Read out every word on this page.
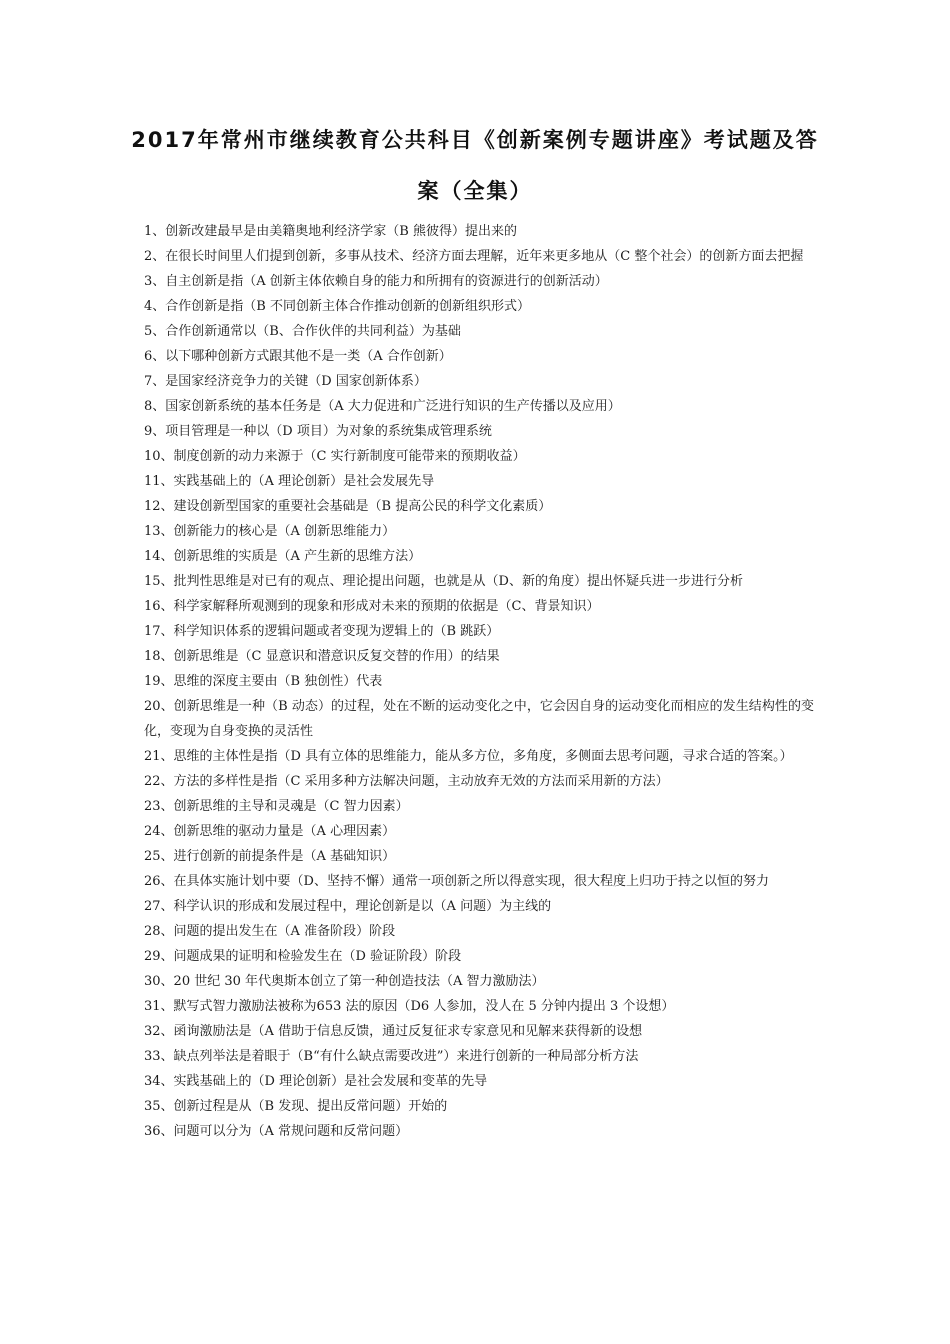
2017年常州市继续教育公共科目《创新案例专题讲座》考试题及答
案（全集）
1、创新改建最早是由美籍奥地利经济学家（B 熊彼得）提出来的
2、在很长时间里人们提到创新，多事从技术、经济方面去理解，近年来更多地从（C 整个社会）的创新方面去把握
3、自主创新是指（A 创新主体依赖自身的能力和所拥有的资源进行的创新活动）
4、合作创新是指（B 不同创新主体合作推动创新的创新组织形式）
5、合作创新通常以（B、合作伙伴的共同利益）为基础
6、以下哪种创新方式跟其他不是一类（A 合作创新）
7、是国家经济竞争力的关键（D 国家创新体系）
8、国家创新系统的基本任务是（A 大力促进和广泛进行知识的生产传播以及应用）
9、项目管理是一种以（D 项目）为对象的系统集成管理系统
10、制度创新的动力来源于（C 实行新制度可能带来的预期收益）
11、实践基础上的（A 理论创新）是社会发展先导
12、建设创新型国家的重要社会基础是（B 提高公民的科学文化素质）
13、创新能力的核心是（A 创新思维能力）
14、创新思维的实质是（A 产生新的思维方法）
15、批判性思维是对已有的观点、理论提出问题，也就是从（D、新的角度）提出怀疑兵进一步进行分析
16、科学家解释所观测到的现象和形成对未来的预期的依据是（C、背景知识）
17、科学知识体系的逻辑问题或者变现为逻辑上的（B 跳跃）
18、创新思维是（C 显意识和潜意识反复交替的作用）的结果
19、思维的深度主要由（B 独创性）代表
20、创新思维是一种（B 动态）的过程，处在不断的运动变化之中，它会因自身的运动变化而相应的发生结构性的变化，变现为自身变换的灵活性
21、思维的主体性是指（D 具有立体的思维能力，能从多方位，多角度，多侧面去思考问题，寻求合适的答案。）
22、方法的多样性是指（C 采用多种方法解决问题，主动放弃无效的方法而采用新的方法）
23、创新思维的主导和灵魂是（C 智力因素）
24、创新思维的驱动力量是（A 心理因素）
25、进行创新的前提条件是（A 基础知识）
26、在具体实施计划中要（D、坚持不懈）通常一项创新之所以得意实现，很大程度上归功于持之以恒的努力
27、科学认识的形成和发展过程中，理论创新是以（A 问题）为主线的
28、问题的提出发生在（A 准备阶段）阶段
29、问题成果的证明和检验发生在（D 验证阶段）阶段
30、20 世纪 30 年代奥斯本创立了第一种创造技法（A 智力激励法）
31、默写式智力激励法被称为653 法的原因（D6 人参加，没人在 5 分钟内提出 3 个设想）
32、函询激励法是（A 借助于信息反馈，通过反复征求专家意见和见解来获得新的设想
33、缺点列举法是着眼于（B“有什么缺点需要改进”）来进行创新的一种局部分析方法
34、实践基础上的（D 理论创新）是社会发展和变革的先导
35、创新过程是从（B 发现、提出反常问题）开始的
36、问题可以分为（A 常规问题和反常问题）
